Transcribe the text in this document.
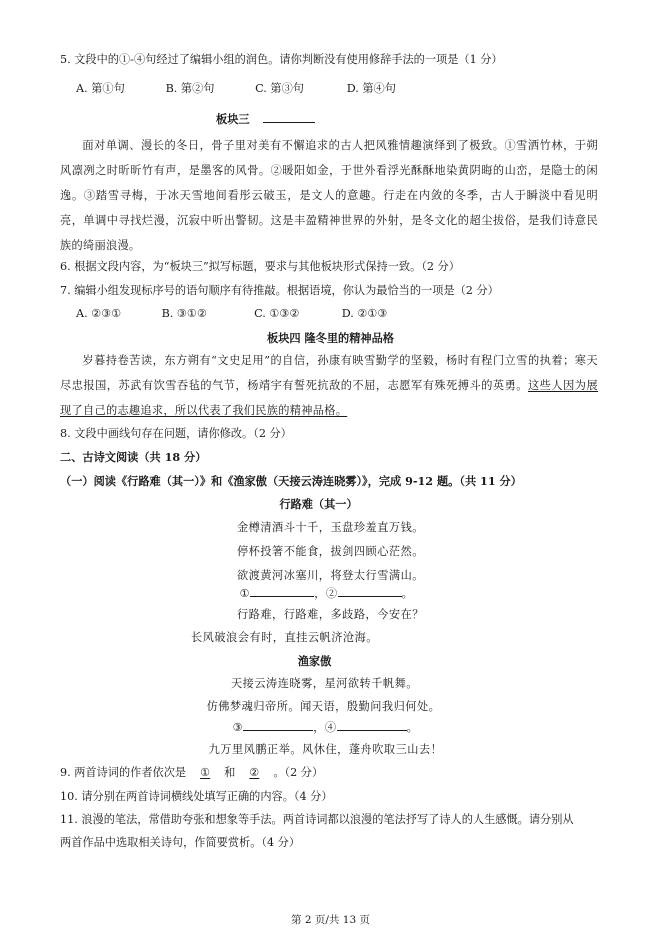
5. 文段中的①-④句经过了编辑小组的润色。请你判断没有使用修辞手法的一项是（1 分）
A. 第①句	B. 第②句	C. 第③句	D. 第④句
板块三
面对单调、漫长的冬日，骨子里对美有不懈追求的古人把风雅情趣演绎到了极致。①雪洒竹林，于朔风凛冽之时昕昕竹有声，是墨客的风骨。②暖阳如金，于世外看浮光酥酥地染黄阴晦的山峦，是隐士的闲逸。③踏雪寻梅，于冰天雪地间看彤云破玉，是文人的意趣。行走在内敛的冬季，古人于瞬淡中看见明亮，单调中寻找烂漫，沉寂中听出警韧。这是丰盈精神世界的外射，是冬文化的超尘拔俗，是我们诗意民族的绮丽浪漫。
6. 根据文段内容，为“板块三”拟写标题，要求与其他板块形式保持一致。（2 分）
7. 编辑小组发现标序号的语句顺序有待推敲。根据语境，你认为最恰当的一项是（2 分）
A. ②③①	B. ③①②	C. ①③②	D. ②①③
板块四 隆冬里的精神品格
岁暮持卷苦读，东方朔有“文史足用”的自信，孙康有映雪勤学的坚毅，杨时有程门立雪的执着；寒天尽忠报国，苏武有饮雪吞毡的气节，杨靖宇有誓死抗敌的不屈，志愿军有殊死搏斗的英勇。这些人因为展现了自己的志趣追求，所以代表了我们民族的精神品格。
8. 文段中画线句存在问题，请你修改。（2 分）
二、古诗文阅读（共 18 分）
（一）阅读《行路难（其一）》和《渔家傲（天接云涛连晓雾）》，完成 9-12 题。（共 11 分）
行路难（其一）
金樽清酒斗十千，玉盘珍羞直万钱。
停杯投箸不能食，拔剑四顾心茫然。
欲渡黄河冰塞川，将登太行雪满山。
①	，②	。
行路难，行路难，多歧路，今安在？
长风破浪会有时，直挂云帆济沧海。
渔家傲
天接云涛连晓雾，星河欲转千帆舞。
仿佛梦魂归帝所。闻天语，殷勤问我归何处。
③	，④	。
九万里风鹏正举。风休住，蓬舟吹取三山去！
9. 两首诗词的作者依次是 ① 和 ② 。（2 分）
10. 请分别在两首诗词横线处填写正确的内容。（4 分）
11. 浪漫的笔法，常借助夸张和想象等手法。两首诗词都以浪漫的笔法抒写了诗人的人生感慨。请分别从
两首作品中选取相关诗句，作简要赏析。（4 分）
第 2 页/共 13 页
